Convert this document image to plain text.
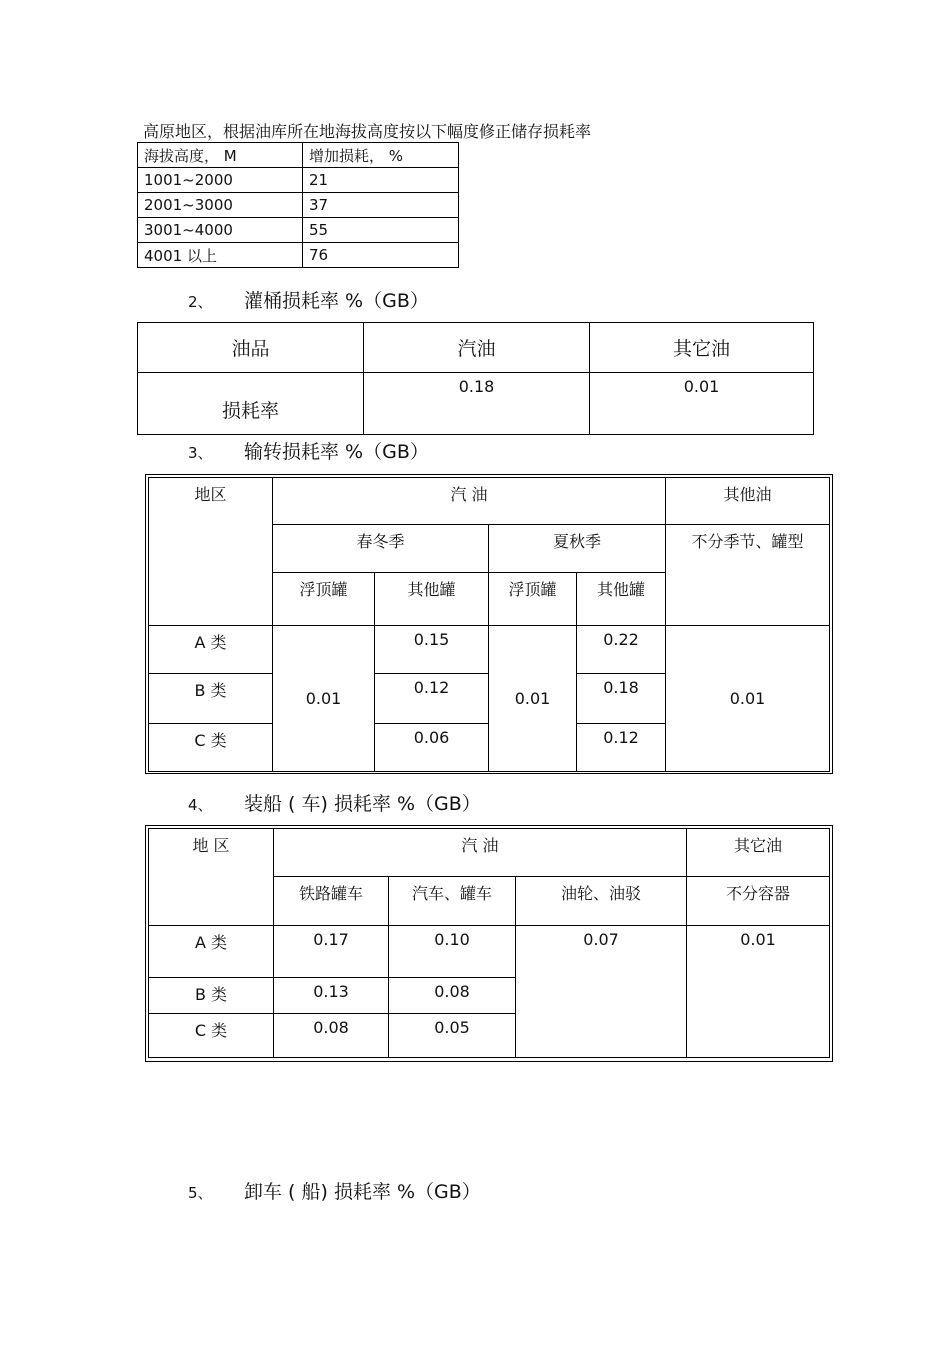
高原地区，根据油库所在地海拔高度按以下幅度修正储存损耗率
海拔高度， M	增加损耗， %
1001~2000	21
2001~3000	37
3001~4000	55
4001 以上	76
2、 灌桶损耗率 %（GB）
油品	汽油	其它油
损耗率	0.18	0.01
3、 输转损耗率 %（GB）
地区	汽 油				其他油
	春冬季		夏秋季		不分季节、罐型
	浮顶罐	其他罐	浮顶罐	其他罐	
A 类	0.01	0.15	0.01	0.22	0.01
B 类		0.12		0.18	
C 类		0.06		0.12	
4、 装船 ( 车) 损耗率 %（GB）
地 区	汽 油			其它油
	铁路罐车	汽车、罐车	油轮、油驳	不分容器
A 类	0.17	0.10	0.07	0.01
B 类	0.13	0.08		
C 类	0.08	0.05		
5、 卸车 ( 船) 损耗率 %（GB）
